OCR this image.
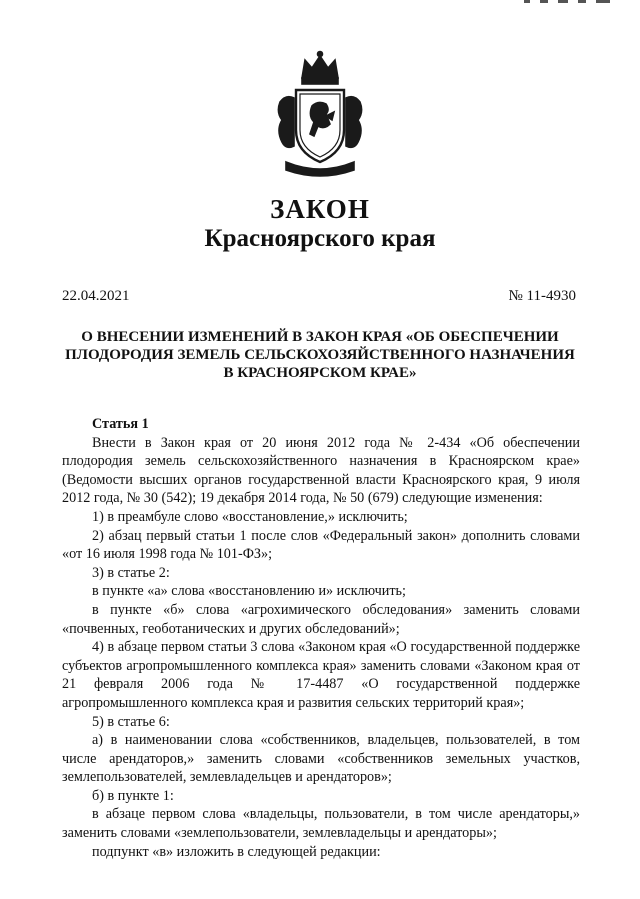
ЗАКОН
Красноярского края
22.04.2021	№ 11-4930
О ВНЕСЕНИИ ИЗМЕНЕНИЙ В ЗАКОН КРАЯ «ОБ ОБЕСПЕЧЕНИИ
ПЛОДОРОДИЯ ЗЕМЕЛЬ СЕЛЬСКОХОЗЯЙСТВЕННОГО НАЗНАЧЕНИЯ
В КРАСНОЯРСКОМ КРАЕ»
Статья 1

Внести в Закон края от 20 июня 2012 года № 2-434 «Об обеспечении плодородия земель сельскохозяйственного назначения в Красноярском крае» (Ведомости высших органов государственной власти Красноярского края, 9 июля 2012 года, № 30 (542); 19 декабря 2014 года, № 50 (679) следующие изменения:

1) в преамбуле слово «восстановление,» исключить;

2) абзац первый статьи 1 после слов «Федеральный закон» дополнить словами «от 16 июля 1998 года № 101-ФЗ»;

3) в статье 2:

в пункте «а» слова «восстановлению и» исключить;

в пункте «б» слова «агрохимического обследования» заменить словами «почвенных, геоботанических и других обследований»;

4) в абзаце первом статьи 3 слова «Законом края «О государственной поддержке субъектов агропромышленного комплекса края» заменить словами «Законом края от 21 февраля 2006 года № 17-4487 «О государственной поддержке агропромышленного комплекса края и развития сельских территорий края»;

5) в статье 6:

а) в наименовании слова «собственников, владельцев, пользователей, в том числе арендаторов,» заменить словами «собственников земельных участков, землепользователей, землевладельцев и арендаторов»;

б) в пункте 1:

в абзаце первом слова «владельцы, пользователи, в том числе арендаторы,» заменить словами «землепользователи, землевладельцы и арендаторы»;

подпункт «в» изложить в следующей редакции:
